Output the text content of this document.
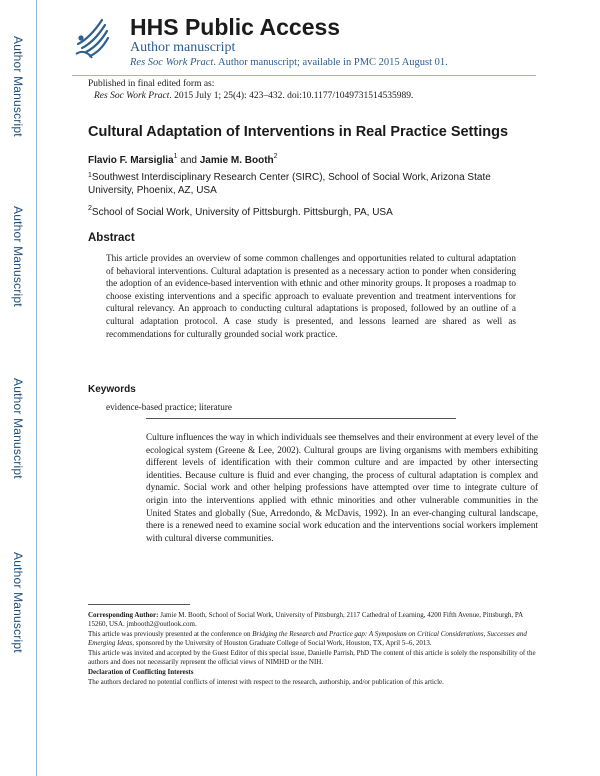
Author Manuscript
Author Manuscript
Author Manuscript
Author Manuscript
HHS Public Access
Author manuscript
Res Soc Work Pract. Author manuscript; available in PMC 2015 August 01.
Published in final edited form as:
Res Soc Work Pract. 2015 July 1; 25(4): 423–432. doi:10.1177/1049731514535989.
Cultural Adaptation of Interventions in Real Practice Settings
Flavio F. Marsiglia$^1$ and Jamie M. Booth$^2$
$^1$Southwest Interdisciplinary Research Center (SIRC), School of Social Work, Arizona State University, Phoenix, AZ, USA
$^2$School of Social Work, University of Pittsburgh. Pittsburgh, PA, USA
Abstract
This article provides an overview of some common challenges and opportunities related to cultural adaptation of behavioral interventions. Cultural adaptation is presented as a necessary action to ponder when considering the adoption of an evidence-based intervention with ethnic and other minority groups. It proposes a roadmap to choose existing interventions and a specific approach to evaluate prevention and treatment interventions for cultural relevancy. An approach to conducting cultural adaptations is proposed, followed by an outline of a cultural adaptation protocol. A case study is presented, and lessons learned are shared as well as recommendations for culturally grounded social work practice.
Keywords
evidence-based practice; literature
Culture influences the way in which individuals see themselves and their environment at every level of the ecological system (Greene & Lee, 2002). Cultural groups are living organisms with members exhibiting different levels of identification with their common culture and are impacted by other intersecting identities. Because culture is fluid and ever changing, the process of cultural adaptation is complex and dynamic. Social work and other helping professions have attempted over time to integrate culture of origin into the interventions applied with ethnic minorities and other vulnerable communities in the United States and globally (Sue, Arredondo, & McDavis, 1992). In an ever-changing cultural landscape, there is a renewed need to examine social work education and the interventions social workers implement with cultural diverse communities.

Corresponding Author: Jamie M. Booth, School of Social Work, University of Pittsburgh, 2117 Cathedral of Learning, 4200 Fifth Avenue, Pittsburgh, PA 15260, USA. jmbooth2@outlook.com.

This article was previously presented at the conference on Bridging the Research and Practice gap: A Symposium on Critical Considerations, Successes and Emerging Ideas, sponsored by the University of Houston Graduate College of Social Work, Houston, TX, April 5–6, 2013.

This article was invited and accepted by the Guest Editor of this special issue, Danielle Parrish, PhD The content of this article is solely the responsibility of the authors and does not necessarily represent the official views of NIMHD or the NIH.

Declaration of Conflicting Interests

The authors declared no potential conflicts of interest with respect to the research, authorship, and/or publication of this article.
